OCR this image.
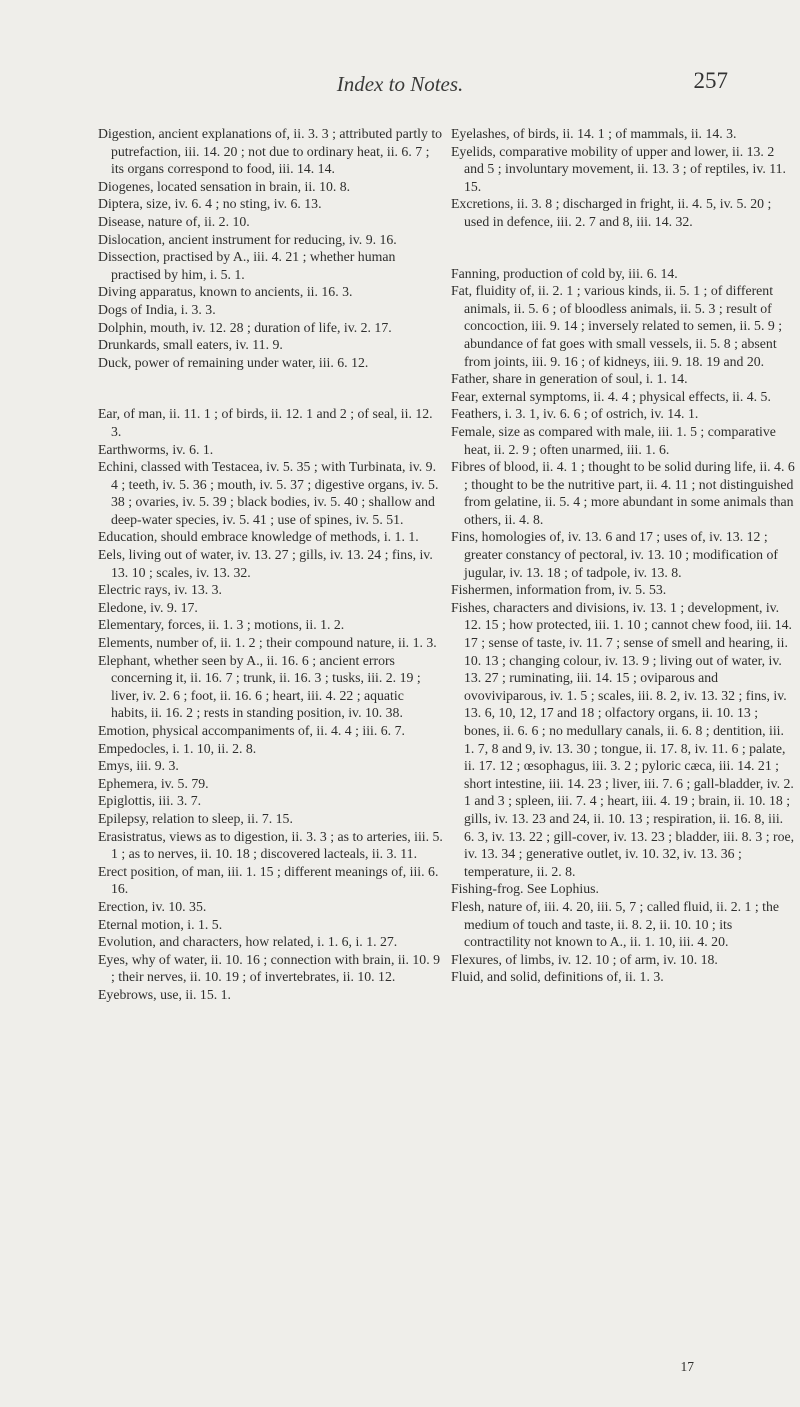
Index to Notes.	257

Digestion, ancient explanations of, ii. 3. 3 ; attributed partly to putrefaction, iii. 14. 20 ; not due to ordinary heat, ii. 6. 7 ; its organs correspond to food, iii. 14. 14.

Diogenes, located sensation in brain, ii. 10. 8.

Diptera, size, iv. 6. 4 ; no sting, iv. 6. 13.

Disease, nature of, ii. 2. 10.

Dislocation, ancient instrument for reducing, iv. 9. 16.

Dissection, practised by A., iii. 4. 21 ; whether human practised by him, i. 5. 1.

Diving apparatus, known to ancients, ii. 16. 3.

Dogs of India, i. 3. 3.

Dolphin, mouth, iv. 12. 28 ; duration of life, iv. 2. 17.

Drunkards, small eaters, iv. 11. 9.

Duck, power of remaining under water, iii. 6. 12.

Ear, of man, ii. 11. 1 ; of birds, ii. 12. 1 and 2 ; of seal, ii. 12. 3.

Earthworms, iv. 6. 1.

Echini, classed with Testacea, iv. 5. 35 ; with Turbinata, iv. 9. 4 ; teeth, iv. 5. 36 ; mouth, iv. 5. 37 ; digestive organs, iv. 5. 38 ; ovaries, iv. 5. 39 ; black bodies, iv. 5. 40 ; shallow and deep-water species, iv. 5. 41 ; use of spines, iv. 5. 51.

Education, should embrace knowledge of methods, i. 1. 1.

Eels, living out of water, iv. 13. 27 ; gills, iv. 13. 24 ; fins, iv. 13. 10 ; scales, iv. 13. 32.

Electric rays, iv. 13. 3.

Eledone, iv. 9. 17.

Elementary, forces, ii. 1. 3 ; motions, ii. 1. 2.

Elements, number of, ii. 1. 2 ; their compound nature, ii. 1. 3.

Elephant, whether seen by A., ii. 16. 6 ; ancient errors concerning it, ii. 16. 7 ; trunk, ii. 16. 3 ; tusks, iii. 2. 19 ; liver, iv. 2. 6 ; foot, ii. 16. 6 ; heart, iii. 4. 22 ; aquatic habits, ii. 16. 2 ; rests in standing position, iv. 10. 38.

Emotion, physical accompaniments of, ii. 4. 4 ; iii. 6. 7.

Empedocles, i. 1. 10, ii. 2. 8.

Emys, iii. 9. 3.

Ephemera, iv. 5. 79.

Epiglottis, iii. 3. 7.

Epilepsy, relation to sleep, ii. 7. 15.

Erasistratus, views as to digestion, ii. 3. 3 ; as to arteries, iii. 5. 1 ; as to nerves, ii. 10. 18 ; discovered lacteals, ii. 3. 11.

Erect position, of man, iii. 1. 15 ; different meanings of, iii. 6. 16.

Erection, iv. 10. 35.

Eternal motion, i. 1. 5.

Evolution, and characters, how related, i. 1. 6, i. 1. 27.

Eyes, why of water, ii. 10. 16 ; connection with brain, ii. 10. 9 ; their nerves, ii. 10. 19 ; of invertebrates, ii. 10. 12.

Eyebrows, use, ii. 15. 1.

Eyelashes, of birds, ii. 14. 1 ; of mammals, ii. 14. 3.

Eyelids, comparative mobility of upper and lower, ii. 13. 2 and 5 ; involuntary movement, ii. 13. 3 ; of reptiles, iv. 11. 15.

Excretions, ii. 3. 8 ; discharged in fright, ii. 4. 5, iv. 5. 20 ; used in defence, iii. 2. 7 and 8, iii. 14. 32.

Fanning, production of cold by, iii. 6. 14.

Fat, fluidity of, ii. 2. 1 ; various kinds, ii. 5. 1 ; of different animals, ii. 5. 6 ; of bloodless animals, ii. 5. 3 ; result of concoction, iii. 9. 14 ; inversely related to semen, ii. 5. 9 ; abundance of fat goes with small vessels, ii. 5. 8 ; absent from joints, iii. 9. 16 ; of kidneys, iii. 9. 18. 19 and 20.

Father, share in generation of soul, i. 1. 14.

Fear, external symptoms, ii. 4. 4 ; physical effects, ii. 4. 5.

Feathers, i. 3. 1, iv. 6. 6 ; of ostrich, iv. 14. 1.

Female, size as compared with male, iii. 1. 5 ; comparative heat, ii. 2. 9 ; often unarmed, iii. 1. 6.

Fibres of blood, ii. 4. 1 ; thought to be solid during life, ii. 4. 6 ; thought to be the nutritive part, ii. 4. 11 ; not distinguished from gelatine, ii. 5. 4 ; more abundant in some animals than others, ii. 4. 8.

Fins, homologies of, iv. 13. 6 and 17 ; uses of, iv. 13. 12 ; greater constancy of pectoral, iv. 13. 10 ; modification of jugular, iv. 13. 18 ; of tadpole, iv. 13. 8.

Fishermen, information from, iv. 5. 53.

Fishes, characters and divisions, iv. 13. 1 ; development, iv. 12. 15 ; how protected, iii. 1. 10 ; cannot chew food, iii. 14. 17 ; sense of taste, iv. 11. 7 ; sense of smell and hearing, ii. 10. 13 ; changing colour, iv. 13. 9 ; living out of water, iv. 13. 27 ; ruminating, iii. 14. 15 ; oviparous and ovoviviparous, iv. 1. 5 ; scales, iii. 8. 2, iv. 13. 32 ; fins, iv. 13. 6, 10, 12, 17 and 18 ; olfactory organs, ii. 10. 13 ; bones, ii. 6. 6 ; no medullary canals, ii. 6. 8 ; dentition, iii. 1. 7, 8 and 9, iv. 13. 30 ; tongue, ii. 17. 8, iv. 11. 6 ; palate, ii. 17. 12 ; œsophagus, iii. 3. 2 ; pyloric cæca, iii. 14. 21 ; short intestine, iii. 14. 23 ; liver, iii. 7. 6 ; gall-bladder, iv. 2. 1 and 3 ; spleen, iii. 7. 4 ; heart, iii. 4. 19 ; brain, ii. 10. 18 ; gills, iv. 13. 23 and 24, ii. 10. 13 ; respiration, ii. 16. 8, iii. 6. 3, iv. 13. 22 ; gill-cover, iv. 13. 23 ; bladder, iii. 8. 3 ; roe, iv. 13. 34 ; generative outlet, iv. 10. 32, iv. 13. 36 ; temperature, ii. 2. 8.

Fishing-frog. See Lophius.

Flesh, nature of, iii. 4. 20, iii. 5, 7 ; called fluid, ii. 2. 1 ; the medium of touch and taste, ii. 8. 2, ii. 10. 10 ; its contractility not known to A., ii. 1. 10, iii. 4. 20.

Flexures, of limbs, iv. 12. 10 ; of arm, iv. 10. 18.

Fluid, and solid, definitions of, ii. 1. 3.

17
